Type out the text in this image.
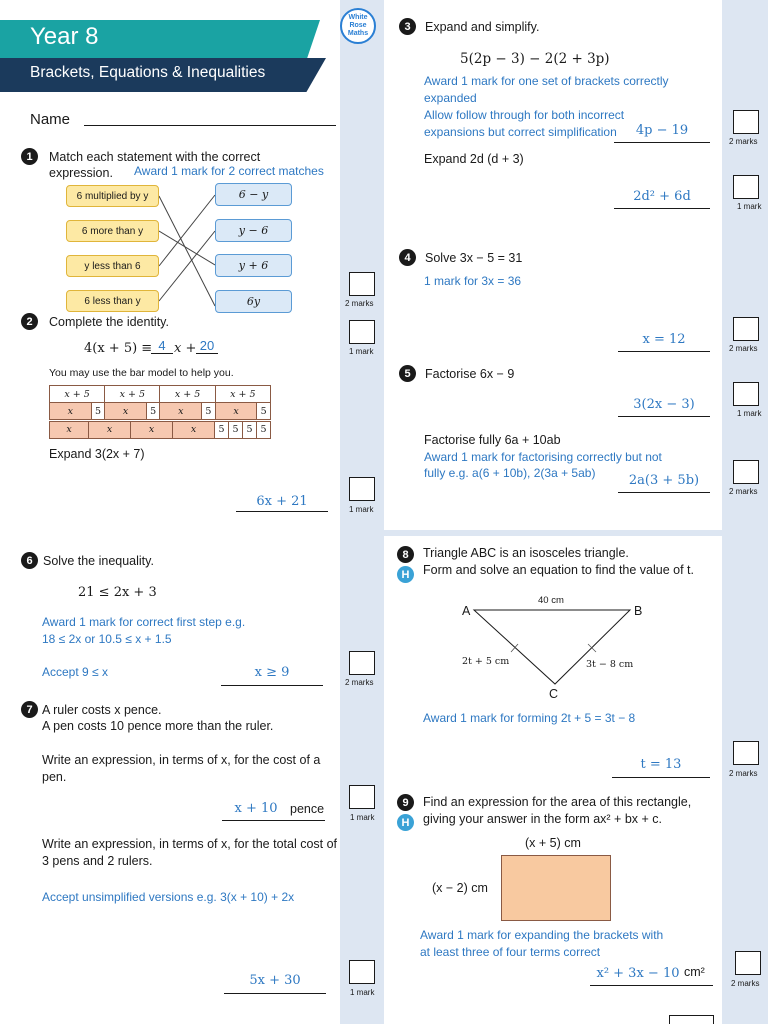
Year 8
Brackets, Equations & Inequalities
White Rose Maths
Name
1	Match each statement with the correct expression.	Award 1 mark for 2 correct matches
6 multiplied by y
6 more than y
y less than 6
6 less than y
6 − y
y − 6
y + 6
6y	2 marks
2	Complete the identity.
4(x + 5) ≡ 4 x + 20	1 mark
You may use the bar model to help you.
x + 5		x + 5		x + 5		x + 5	
x	5	x	5	x	5	x	5
x	x	x	x	5 5 5 5
Expand 3(2x + 7)
6x + 21
1 mark
3	Expand and simplify.
5(2p − 3) − 2(2 + 3p)
Award 1 mark for one set of brackets correctly expanded
Allow follow through for both incorrect expansions but correct simplification	4p − 19
2 marks
Expand 2d (d + 3)
2d² + 6d
1 mark
4	Solve 3x − 5 = 31
1 mark for 3x = 36
x = 12
2 marks
5	Factorise 6x − 9
3(2x − 3)
1 mark
Factorise fully 6a + 10ab
Award 1 mark for factorising correctly but not
fully e.g. a(6 + 10b), 2(3a + 5ab)	2a(3 + 5b)
2 marks
6 Solve the inequality.
21 ≤ 2x + 3
Award 1 mark for correct first step e.g.
18 ≤ 2x or 10.5 ≤ x + 1.5
Accept 9 ≤ x	x ≥ 9
2 marks
7 A ruler costs x pence.
A pen costs 10 pence more than the ruler.
Write an expression, in terms of x, for the cost of a pen.
x + 10 pence
1 mark
Write an expression, in terms of x, for the total cost of 3 pens and 2 rulers.
Accept unsimplified versions e.g. 3(x + 10) + 2x
5x + 30
1 mark
8
H
Triangle ABC is an isosceles triangle.
Form and solve an equation to find the value of t.
A	B
C
40 cm
2t + 5 cm	3t − 8 cm
Award 1 mark for forming 2t + 5 = 3t − 8
t = 13
2 marks
9
H
Find an expression for the area of this rectangle,
giving your answer in the form ax² + bx + c.
(x + 5) cm
(x − 2) cm
Award 1 mark for expanding the brackets with
at least three of four terms correct
x² + 3x − 10 cm²
2 marks
